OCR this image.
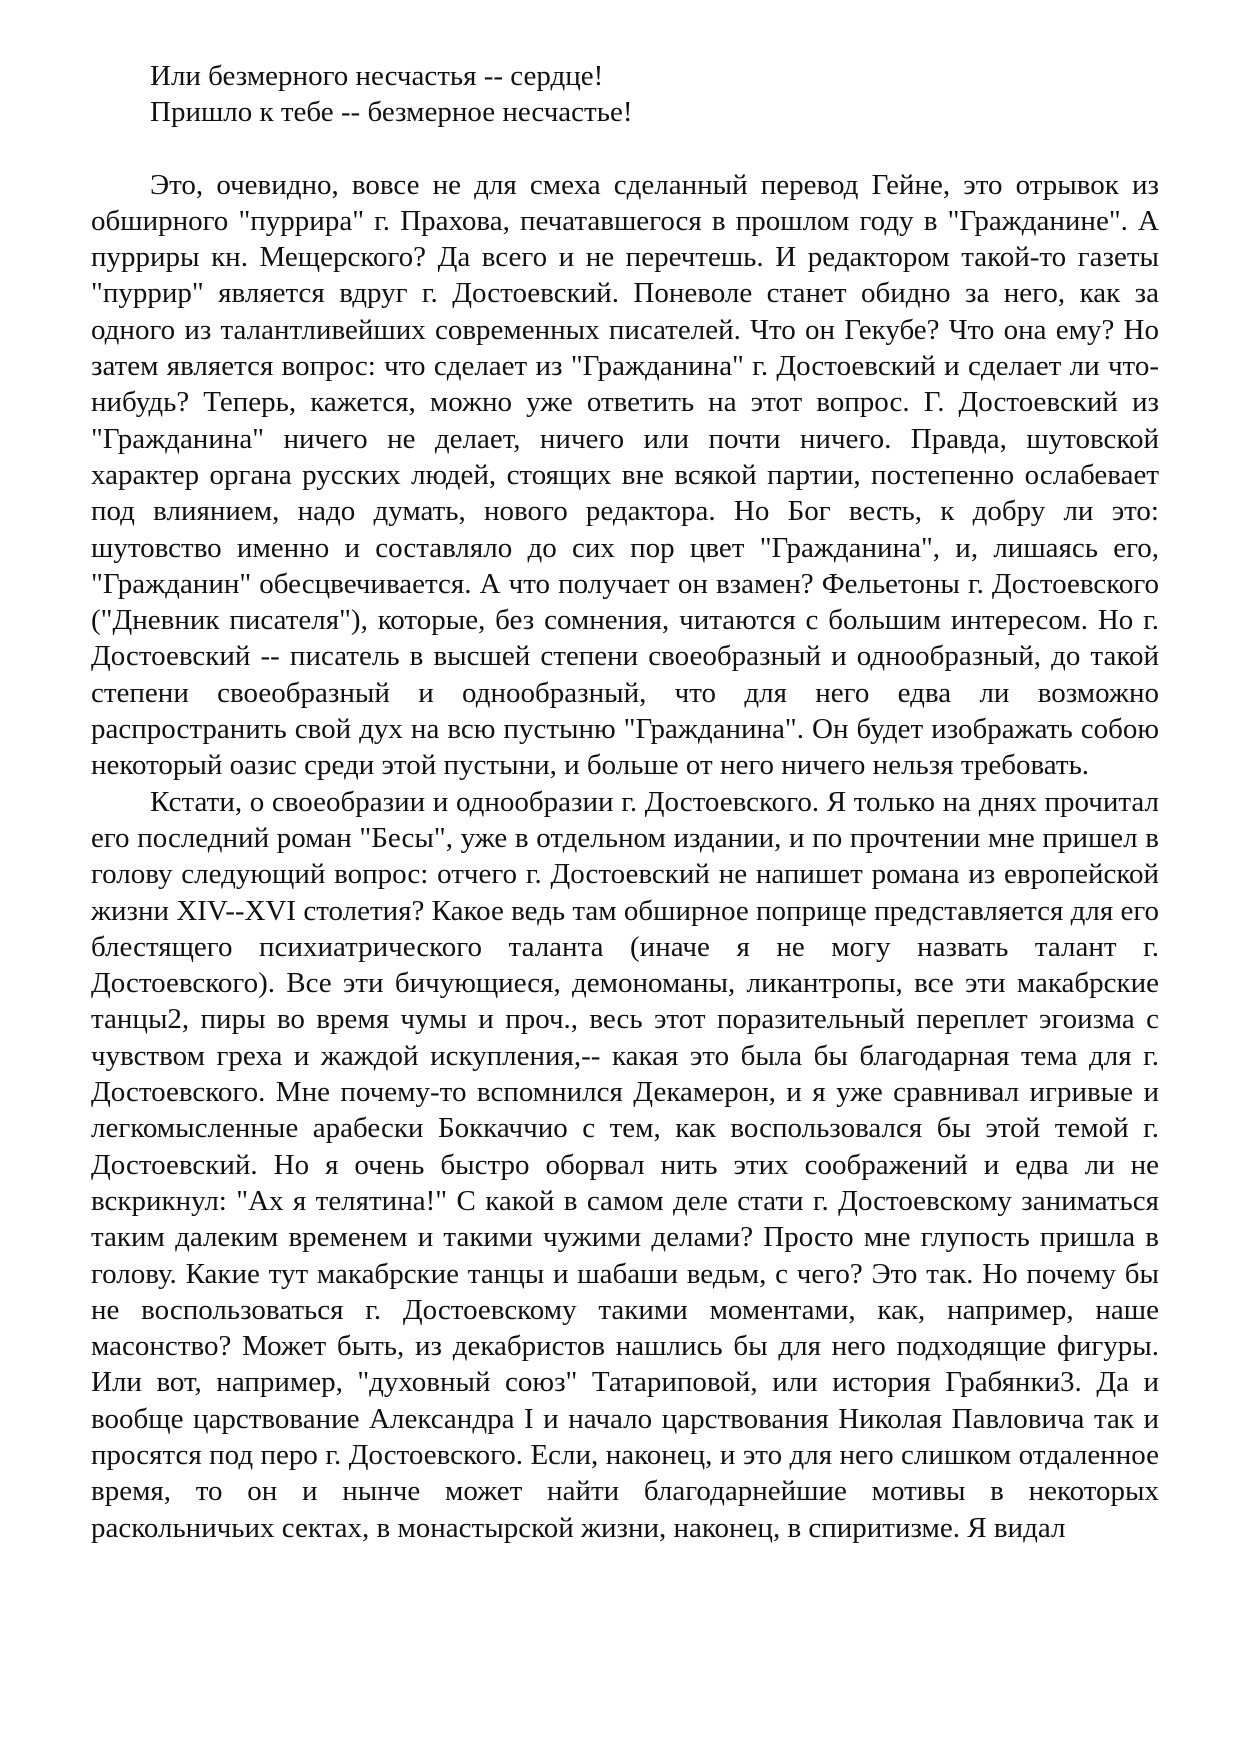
Или безмерного несчастья -- сердце!
Пришло к тебе -- безмерное несчастье!

Это, очевидно, вовсе не для смеха сделанный перевод Гейне, это отрывок из обширного "пуррира" г. Прахова, печатавшегося в прошлом году в "Гражданине". А пурриры кн. Мещерского? Да всего и не перечтешь. И редактором такой-то газеты "пуррир" является вдруг г. Достоевский. Поневоле станет обидно за него, как за одного из талантливейших современных писателей. Что он Гекубе? Что она ему? Но затем является вопрос: что сделает из "Гражданина" г. Достоевский и сделает ли что-нибудь? Теперь, кажется, можно уже ответить на этот вопрос. Г. Достоевский из "Гражданина" ничего не делает, ничего или почти ничего. Правда, шутовской характер органа русских людей, стоящих вне всякой партии, постепенно ослабевает под влиянием, надо думать, нового редактора. Но Бог весть, к добру ли это: шутовство именно и составляло до сих пор цвет "Гражданина", и, лишаясь его, "Гражданин" обесцвечивается. А что получает он взамен? Фельетоны г. Достоевского ("Дневник писателя"), которые, без сомнения, читаются с большим интересом. Но г. Достоевский -- писатель в высшей степени своеобразный и однообразный, до такой степени своеобразный и однообразный, что для него едва ли возможно распространить свой дух на всю пустыню "Гражданина". Он будет изображать собою некоторый оазис среди этой пустыни, и больше от него ничего нельзя требовать.

Кстати, о своеобразии и однообразии г. Достоевского. Я только на днях прочитал его последний роман "Бесы", уже в отдельном издании, и по прочтении мне пришел в голову следующий вопрос: отчего г. Достоевский не напишет романа из европейской жизни XIV--XVI столетия? Какое ведь там обширное поприще представляется для его блестящего психиатрического таланта (иначе я не могу назвать талант г. Достоевского). Все эти бичующиеся, демономаны, ликантропы, все эти макабрские танцы2, пиры во время чумы и проч., весь этот поразительный переплет эгоизма с чувством греха и жаждой искупления,-- какая это была бы благодарная тема для г. Достоевского. Мне почему-то вспомнился Декамерон, и я уже сравнивал игривые и легкомысленные арабески Боккаччио с тем, как воспользовался бы этой темой г. Достоевский. Но я очень быстро оборвал нить этих соображений и едва ли не вскрикнул: "Ах я телятина!" С какой в самом деле стати г. Достоевскому заниматься таким далеким временем и такими чужими делами? Просто мне глупость пришла в голову. Какие тут макабрские танцы и шабаши ведьм, с чего? Это так. Но почему бы не воспользоваться г. Достоевскому такими моментами, как, например, наше масонство? Может быть, из декабристов нашлись бы для него подходящие фигуры. Или вот, например, "духовный союз" Татариповой, или история Грабянки3. Да и вообще царствование Александра I и начало царствования Николая Павловича так и просятся под перо г. Достоевского. Если, наконец, и это для него слишком отдаленное время, то он и нынче может найти благодарнейшие мотивы в некоторых раскольничьих сектах, в монастырской жизни, наконец, в спиритизме. Я видал
